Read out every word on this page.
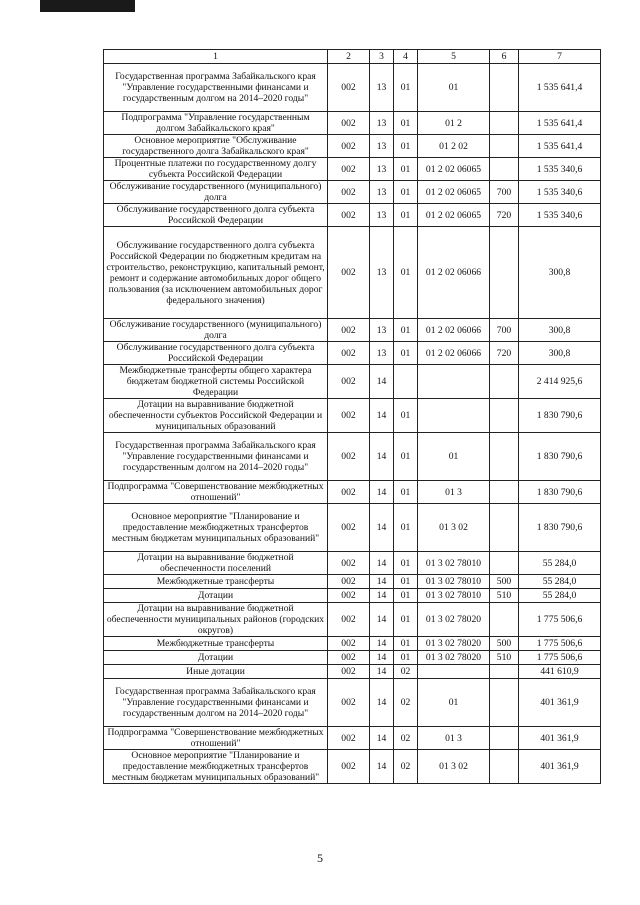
1	2	3	4	5	6	7
Государственная программа Забайкальского края "Управление государственными финансами и государственным долгом на 2014–2020 годы"	002	13	01	01		1 535 641,4
Подпрограмма "Управление государственным долгом Забайкальского края"	002	13	01	01 2		1 535 641,4
Основное мероприятие "Обслуживание государственного долга Забайкальского края"	002	13	01	01 2 02		1 535 641,4
Процентные платежи по государственному долгу субъекта Российской Федерации	002	13	01	01 2 02 06065		1 535 340,6
Обслуживание государственного (муниципального) долга	002	13	01	01 2 02 06065	700	1 535 340,6
Обслуживание государственного долга субъекта Российской Федерации	002	13	01	01 2 02 06065	720	1 535 340,6
Обслуживание государственного долга субъекта Российской Федерации по бюджетным кредитам на строительство, реконструкцию, капитальный ремонт, ремонт и содержание автомобильных дорог общего пользования (за исключением автомобильных дорог федерального значения)	002	13	01	01 2 02 06066		300,8
Обслуживание государственного (муниципального) долга	002	13	01	01 2 02 06066	700	300,8
Обслуживание государственного долга субъекта Российской Федерации	002	13	01	01 2 02 06066	720	300,8
Межбюджетные трансферты общего характера бюджетам бюджетной системы Российской Федерации	002	14				2 414 925,6
Дотации на выравнивание бюджетной обеспеченности субъектов Российской Федерации и муниципальных образований	002	14	01			1 830 790,6
Государственная программа Забайкальского края "Управление государственными финансами и государственным долгом на 2014–2020 годы"	002	14	01	01		1 830 790,6
Подпрограмма "Совершенствование межбюджетных отношений"	002	14	01	01 3		1 830 790,6
Основное мероприятие "Планирование и предоставление межбюджетных трансфертов местным бюджетам муниципальных образований"	002	14	01	01 3 02		1 830 790,6
Дотации на выравнивание бюджетной обеспеченности поселений	002	14	01	01 3 02 78010		55 284,0
Межбюджетные трансферты	002	14	01	01 3 02 78010	500	55 284,0
Дотации	002	14	01	01 3 02 78010	510	55 284,0
Дотации на выравнивание бюджетной обеспеченности муниципальных районов (городских округов)	002	14	01	01 3 02 78020		1 775 506,6
Межбюджетные трансферты	002	14	01	01 3 02 78020	500	1 775 506,6
Дотации	002	14	01	01 3 02 78020	510	1 775 506,6
Иные дотации	002	14	02			441 610,9
Государственная программа Забайкальского края "Управление государственными финансами и государственным долгом на 2014–2020 годы"	002	14	02	01		401 361,9
Подпрограмма "Совершенствование межбюджетных отношений"	002	14	02	01 3		401 361,9
Основное мероприятие "Планирование и предоставление межбюджетных трансфертов местным бюджетам муниципальных образований"	002	14	02	01 3 02		401 361,9
5
